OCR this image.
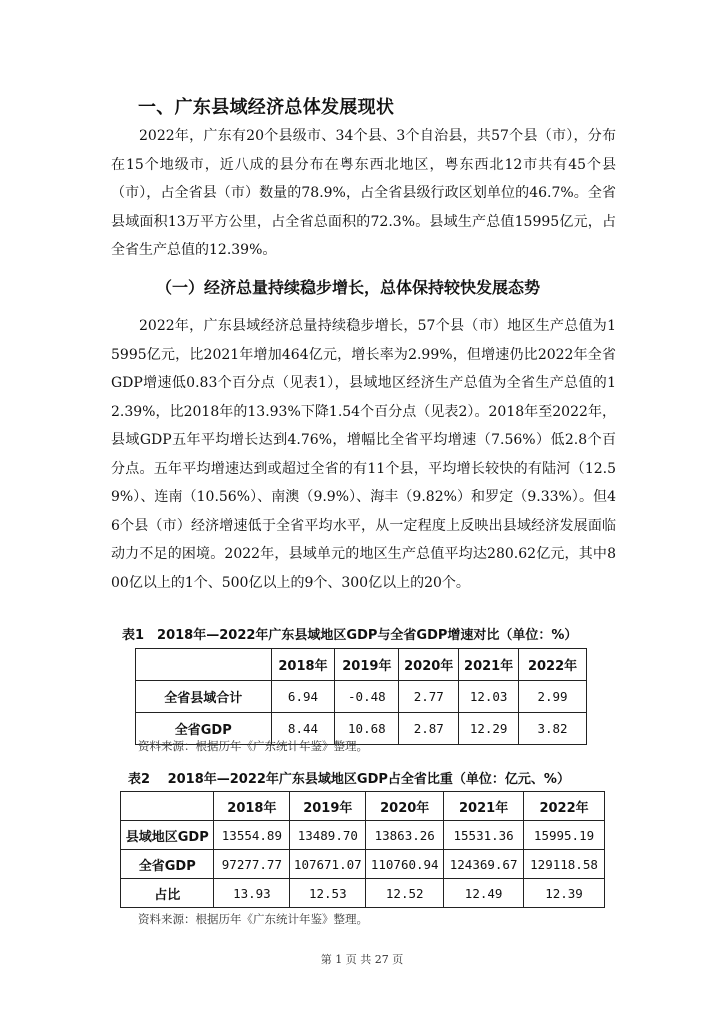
一、广东县域经济总体发展现状

2022年，广东有20个县级市、34个县、3个自治县，共57个县（市），分布在15个地级市，近八成的县分布在粤东西北地区，粤东西北12市共有45个县（市），占全省县（市）数量的78.9%，占全省县级行政区划单位的46.7%。全省县域面积13万平方公里，占全省总面积的72.3%。县域生产总值15995亿元，占全省生产总值的12.39%。

（一）经济总量持续稳步增长，总体保持较快发展态势

2022年，广东县域经济总量持续稳步增长，57个县（市）地区生产总值为15995亿元，比2021年增加464亿元，增长率为2.99%，但增速仍比2022年全省GDP增速低0.83个百分点（见表1），县域地区经济生产总值为全省生产总值的12.39%，比2018年的13.93%下降1.54个百分点（见表2）。2018年至2022年，县域GDP五年平均增长达到4.76%，增幅比全省平均增速（7.56%）低2.8个百分点。五年平均增速达到或超过全省的有11个县，平均增长较快的有陆河（12.59%）、连南（10.56%）、南澳（9.9%）、海丰（9.82%）和罗定（9.33%）。但46个县（市）经济增速低于全省平均水平，从一定程度上反映出县域经济发展面临动力不足的困境。2022年，县域单元的地区生产总值平均达280.62亿元，其中800亿以上的1个、500亿以上的9个、300亿以上的20个。

表1　2018年—2022年广东县域地区GDP与全省GDP增速对比（单位：%）

	2018年	2019年	2020年	2021年	2022年
全省县域合计	6.94	-0.48	2.77	12.03	2.99
全省GDP	8.44	10.68	2.87	12.29	3.82

资料来源：根据历年《广东统计年鉴》整理。

表2　 2018年—2022年广东县域地区GDP占全省比重（单位：亿元、%）

	2018年	2019年	2020年	2021年	2022年
县域地区GDP	13554.89	13489.70	13863.26	15531.36	15995.19
全省GDP	97277.77	107671.07	110760.94	124369.67	129118.58
占比	13.93	12.53	12.52	12.49	12.39

资料来源：根据历年《广东统计年鉴》整理。

第 1 页 共 27 页
